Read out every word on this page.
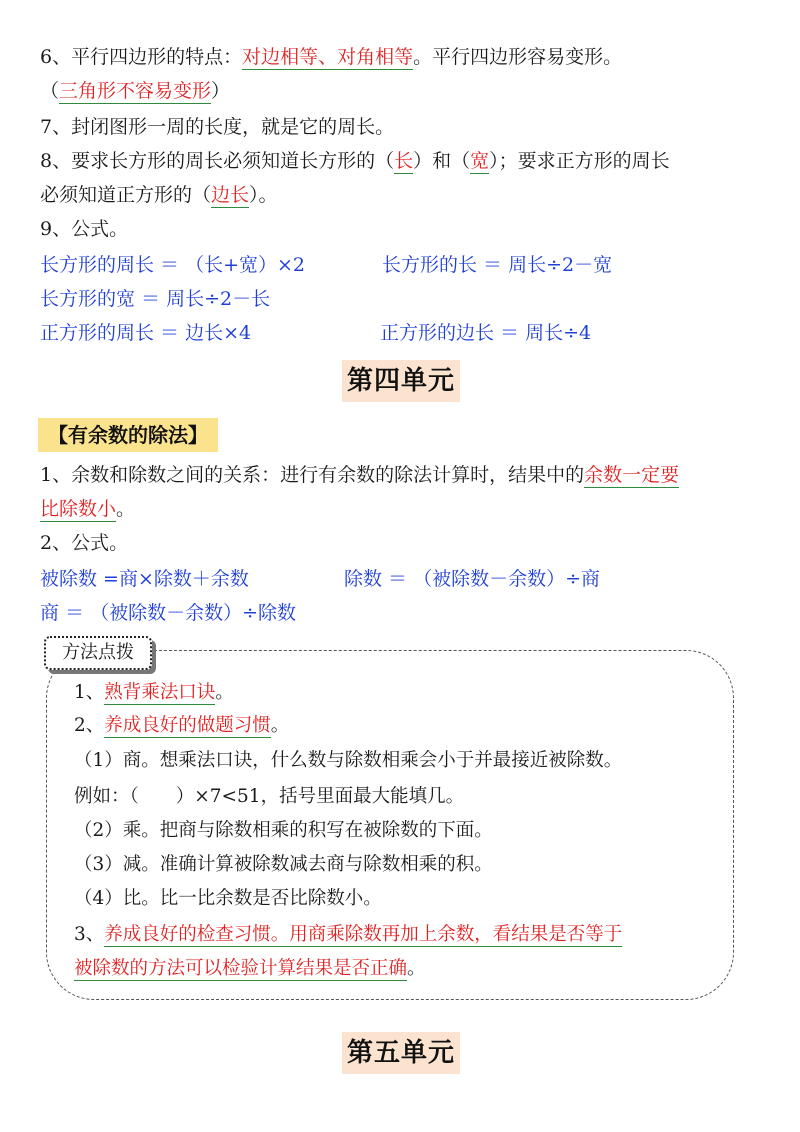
6、平行四边形的特点：对边相等、对角相等。平行四边形容易变形。
（三角形不容易变形）
7、封闭图形一周的长度，就是它的周长。
8、要求长方形的周长必须知道长方形的（长）和（宽）；要求正方形的周长
必须知道正方形的（边长）。
9、公式。
长方形的周长 ＝ （长+宽）×2	长方形的长 ＝ 周长÷2－宽
长方形的宽 ＝ 周长÷2－长
正方形的周长 ＝ 边长×4	正方形的边长 ＝ 周长÷4
第四单元
【有余数的除法】
1、余数和除数之间的关系：进行有余数的除法计算时，结果中的余数一定要
比除数小。
2、公式。
被除数 =商×除数＋余数	除数 ＝ （被除数－余数）÷商
商 ＝ （被除数－余数）÷除数
方法点拨
1、熟背乘法口诀。
2、养成良好的做题习惯。
（1）商。想乘法口诀，什么数与除数相乘会小于并最接近被除数。
例如：（　　）×7<51，括号里面最大能填几。
（2）乘。把商与除数相乘的积写在被除数的下面。
（3）减。准确计算被除数减去商与除数相乘的积。
（4）比。比一比余数是否比除数小。
3、养成良好的检查习惯。用商乘除数再加上余数，看结果是否等于
被除数的方法可以检验计算结果是否正确。
第五单元
